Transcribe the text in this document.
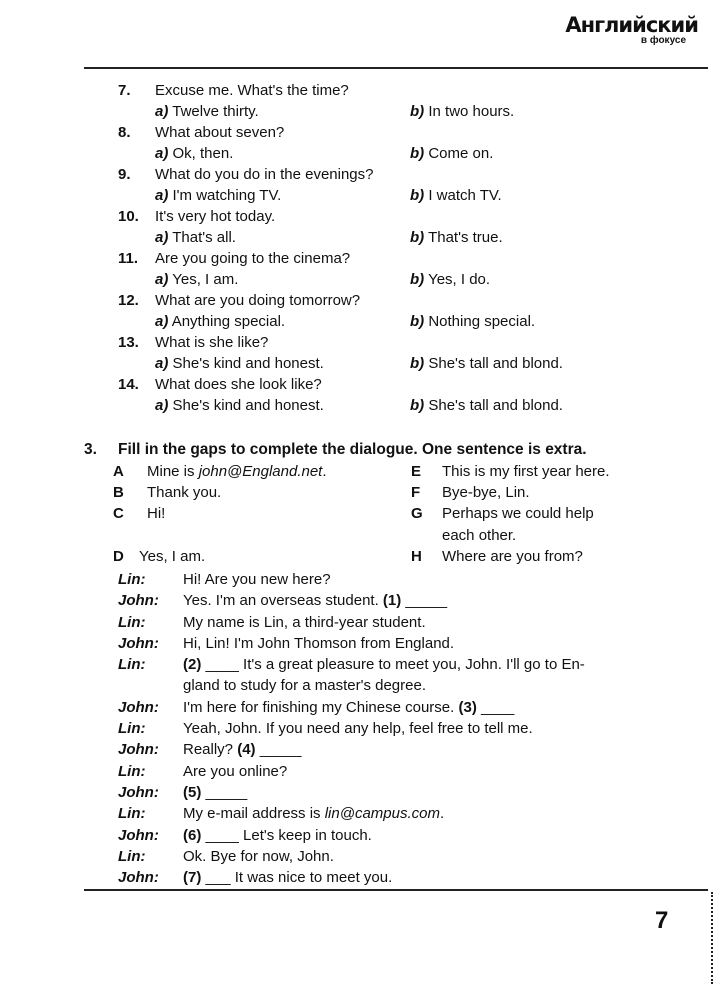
Английский
в фокусе
7.	Excuse me. What's the time?
a) Twelve thirty.	b) In two hours.
8.	What about seven?
a) Ok, then.	b) Come on.
9.	What do you do in the evenings?
a) I'm watching TV.	b) I watch TV.
10.	It's very hot today.
a) That's all.	b) That's true.
11.	Are you going to the cinema?
a) Yes, I am.	b) Yes, I do.
12.	What are you doing tomorrow?
a) Anything special.	b) Nothing special.
13.	What is she like?
a) She's kind and honest.	b) She's tall and blond.
14.	What does she look like?
a) She's kind and honest.	b) She's tall and blond.
3. Fill in the gaps to complete the dialogue. One sentence is extra.
A	Mine is john@England.net.	E	This is my first year here.
B	Thank you.	F	Bye-bye, Lin.
C	Hi!	G	Perhaps we could help
each other.
D	Yes, I am.	H	Where are you from?
Lin:	Hi! Are you new here?
John:	Yes. I'm an overseas student. (1) _____
Lin:	My name is Lin, a third-year student.
John:	Hi, Lin! I'm John Thomson from England.
Lin:	(2) ____ It's a great pleasure to meet you, John. I'll go to En-
gland to study for a master's degree.
John:	I'm here for finishing my Chinese course. (3) ____
Lin:	Yeah, John. If you need any help, feel free to tell me.
John:	Really? (4) _____
Lin:	Are you online?
John:	(5) _____
Lin:	My e-mail address is lin@campus.com.
John:	(6) ____ Let's keep in touch.
Lin:	Ok. Bye for now, John.
John:	(7) ___ It was nice to meet you.
7
